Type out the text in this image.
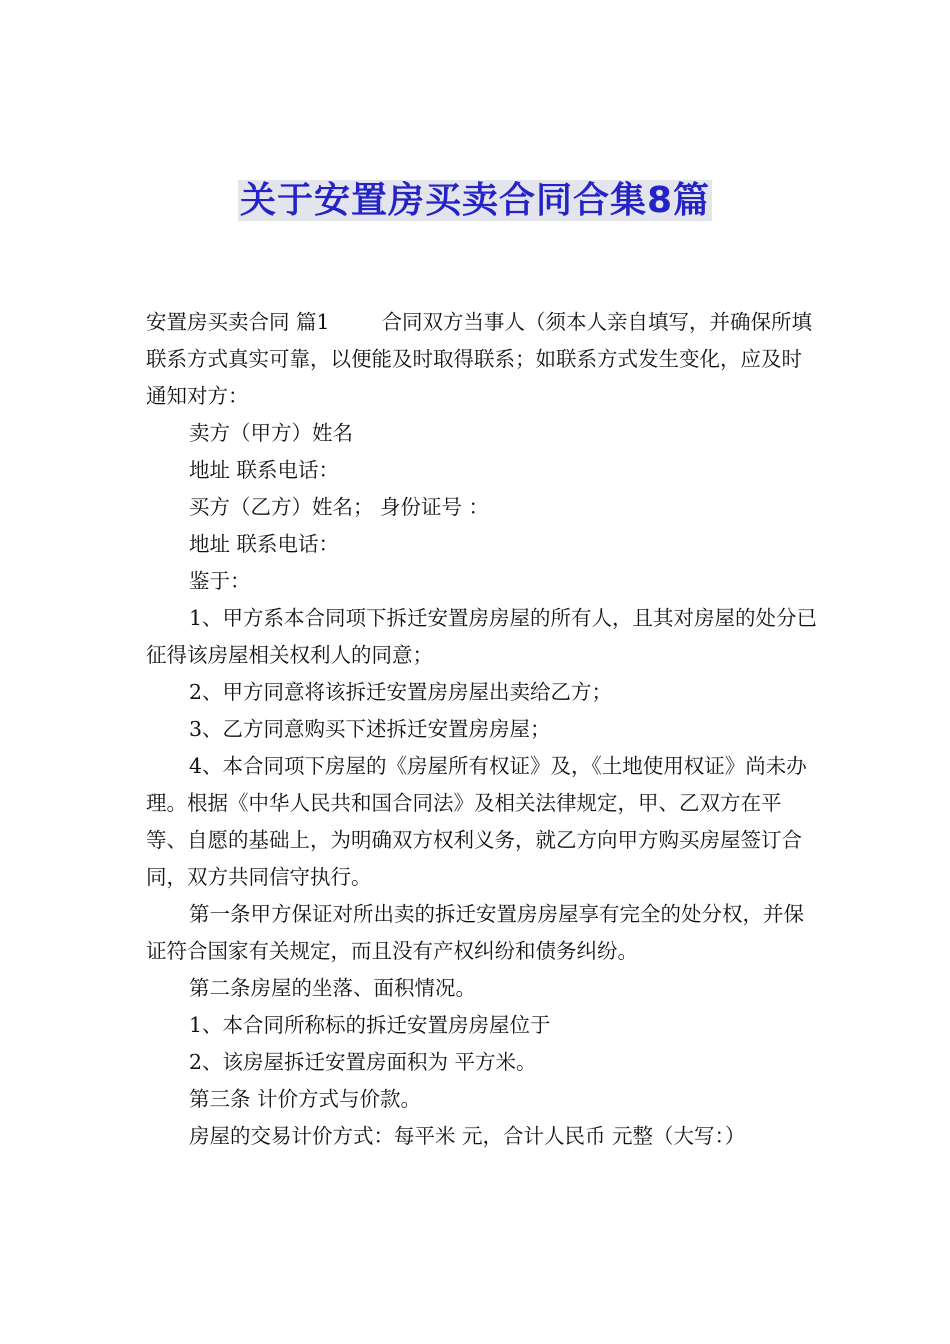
关于安置房买卖合同合集8篇

安置房买卖合同 篇1	合同双方当事人（须本人亲自填写，并确保所填联系方式真实可靠，以便能及时取得联系；如联系方式发生变化，应及时通知对方：

卖方（甲方）姓名

地址 联系电话：

买方（乙方）姓名； 身份证号 ：

地址 联系电话：

鉴于：

1、甲方系本合同项下拆迁安置房房屋的所有人，且其对房屋的处分已征得该房屋相关权利人的同意；

2、甲方同意将该拆迁安置房房屋出卖给乙方；

3、乙方同意购买下述拆迁安置房房屋；

4、本合同项下房屋的《房屋所有权证》及，《土地使用权证》尚未办理。根据《中华人民共和国合同法》及相关法律规定，甲、乙双方在平等、自愿的基础上，为明确双方权利义务，就乙方向甲方购买房屋签订合同，双方共同信守执行。

第一条甲方保证对所出卖的拆迁安置房房屋享有完全的处分权，并保证符合国家有关规定，而且没有产权纠纷和债务纠纷。

第二条房屋的坐落、面积情况。

1、本合同所称标的拆迁安置房房屋位于

2、该房屋拆迁安置房面积为 平方米。

第三条 计价方式与价款。

房屋的交易计价方式：每平米 元，合计人民币 元整（大写：）
